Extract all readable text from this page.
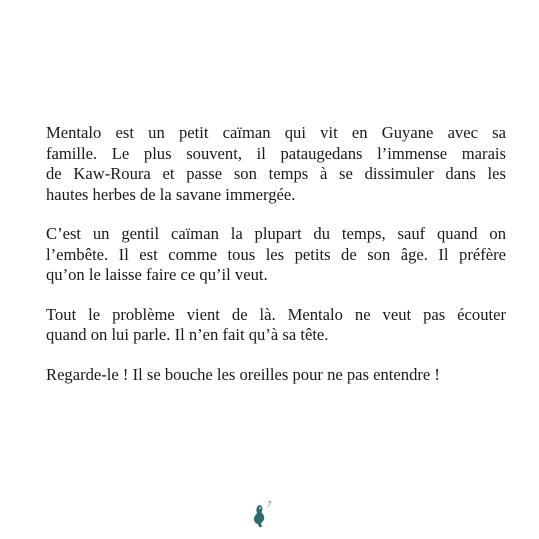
Mentalo est un petit caïman qui vit en Guyane avec sa
famille. Le plus souvent, il pataugedans l’immense marais
de Kaw-Roura et passe son temps à se dissimuler dans les
hautes herbes de la savane immergée.

C’est un gentil caïman la plupart du temps, sauf quand on
l’embête. Il est comme tous les petits de son âge. Il préfère
qu’on le laisse faire ce qu’il veut.

Tout le problème vient de là. Mentalo ne veut pas écouter
quand on lui parle. Il n’en fait qu’à sa tête.

Regarde-le ! Il se bouche les oreilles pour ne pas entendre !

7
